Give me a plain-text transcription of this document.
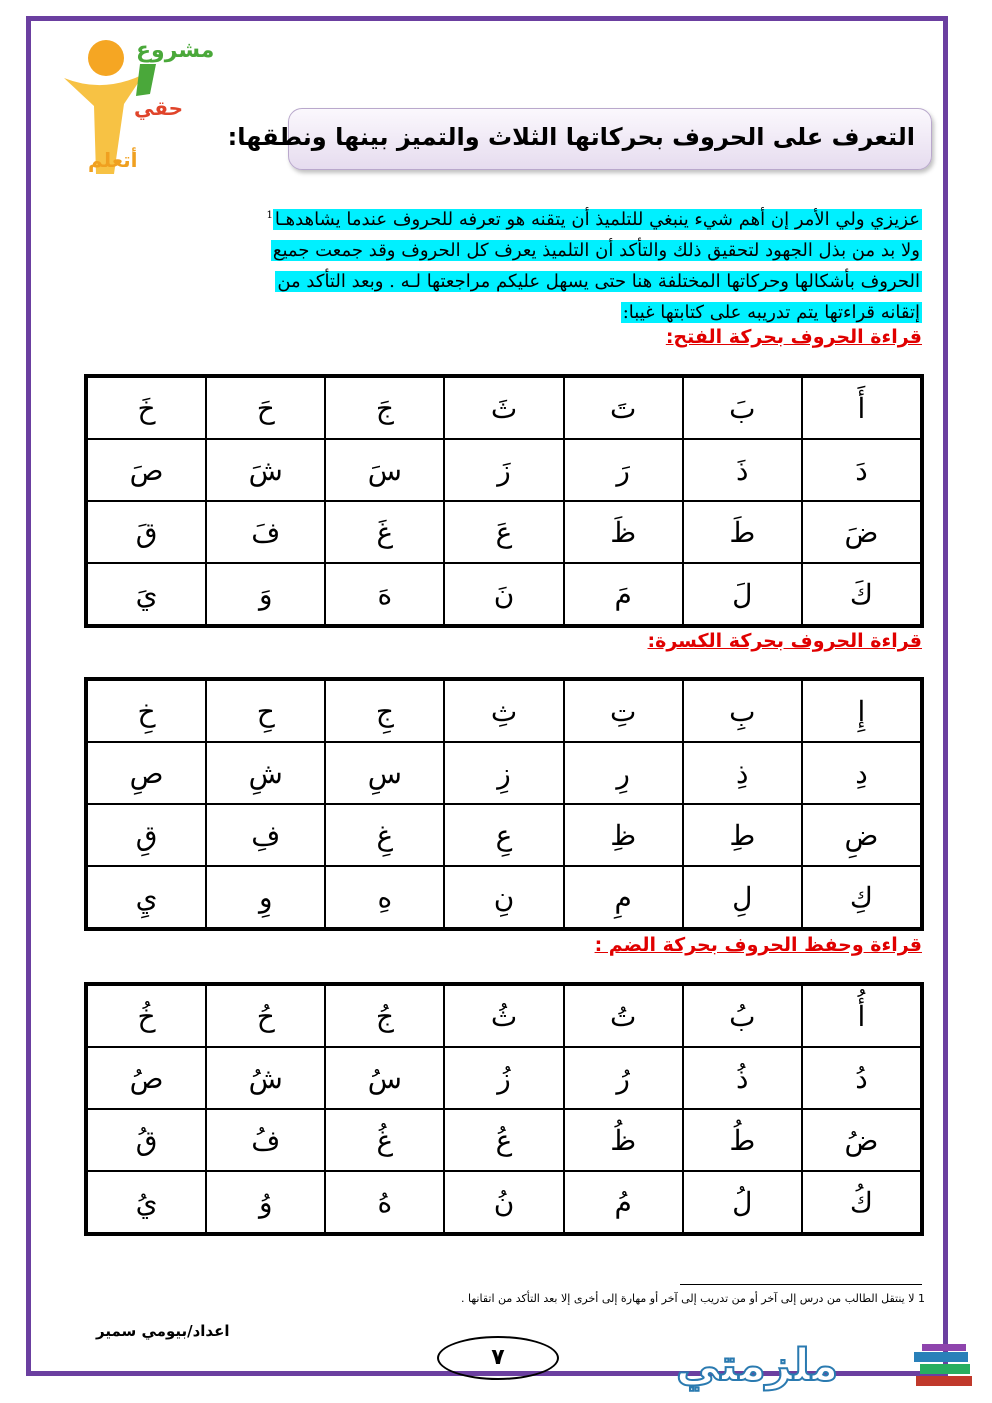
مشروع
حقي
أتعلم
التعرف على الحروف بحركاتها الثلاث والتميز بينها ونطقها:
عزيزي ولي الأمر إن أهم شيء ينبغي للتلميذ أن يتقنه هو تعرفه للحروف عندما يشاهدهـا$^1$
ولا بد من بذل الجهود لتحقيق ذلك والتأكد أن التلميذ يعرف كل الحروف وقد جمعت جميع
الحروف بأشكالها وحركاتها المختلفة هنا حتى يسهل عليكم مراجعتها لـه . وبعد التأكد من
إتقانه قراءتها يتم تدريبه على كتابتها غيبا:
قراءة الحروف بحركة الفتح:
أَ	بَ	تَ	ثَ	جَ	حَ	خَ
دَ	ذَ	رَ	زَ	سَ	شَ	صَ
ضَ	طَ	ظَ	عَ	غَ	فَ	قَ
كَ	لَ	مَ	نَ	هَ	وَ	يَ
قراءة الحروف بحركة الكسرة:
إِ	بِ	تِ	ثِ	جِ	حِ	خِ
دِ	ذِ	رِ	زِ	سِ	شِ	صِ
ضِ	طِ	ظِ	عِ	غِ	فِ	قِ
كِ	لِ	مِ	نِ	هِ	وِ	يِ
قراءة وحفظ الحروف بحركة الضم :
أُ	بُ	تُ	ثُ	جُ	حُ	خُ
دُ	ذُ	رُ	زُ	سُ	شُ	صُ
ضُ	طُ	ظُ	عُ	غُ	فُ	قُ
كُ	لُ	مُ	نُ	هُ	وُ	يُ
1 لا ينتقل الطالب من درس إلى آخر أو من تدريب إلى آخر أو مهارة إلى أخرى إلا بعد التأكد من اتقانها .
اعداد/بيومي سمير
٧	ملزمتي
